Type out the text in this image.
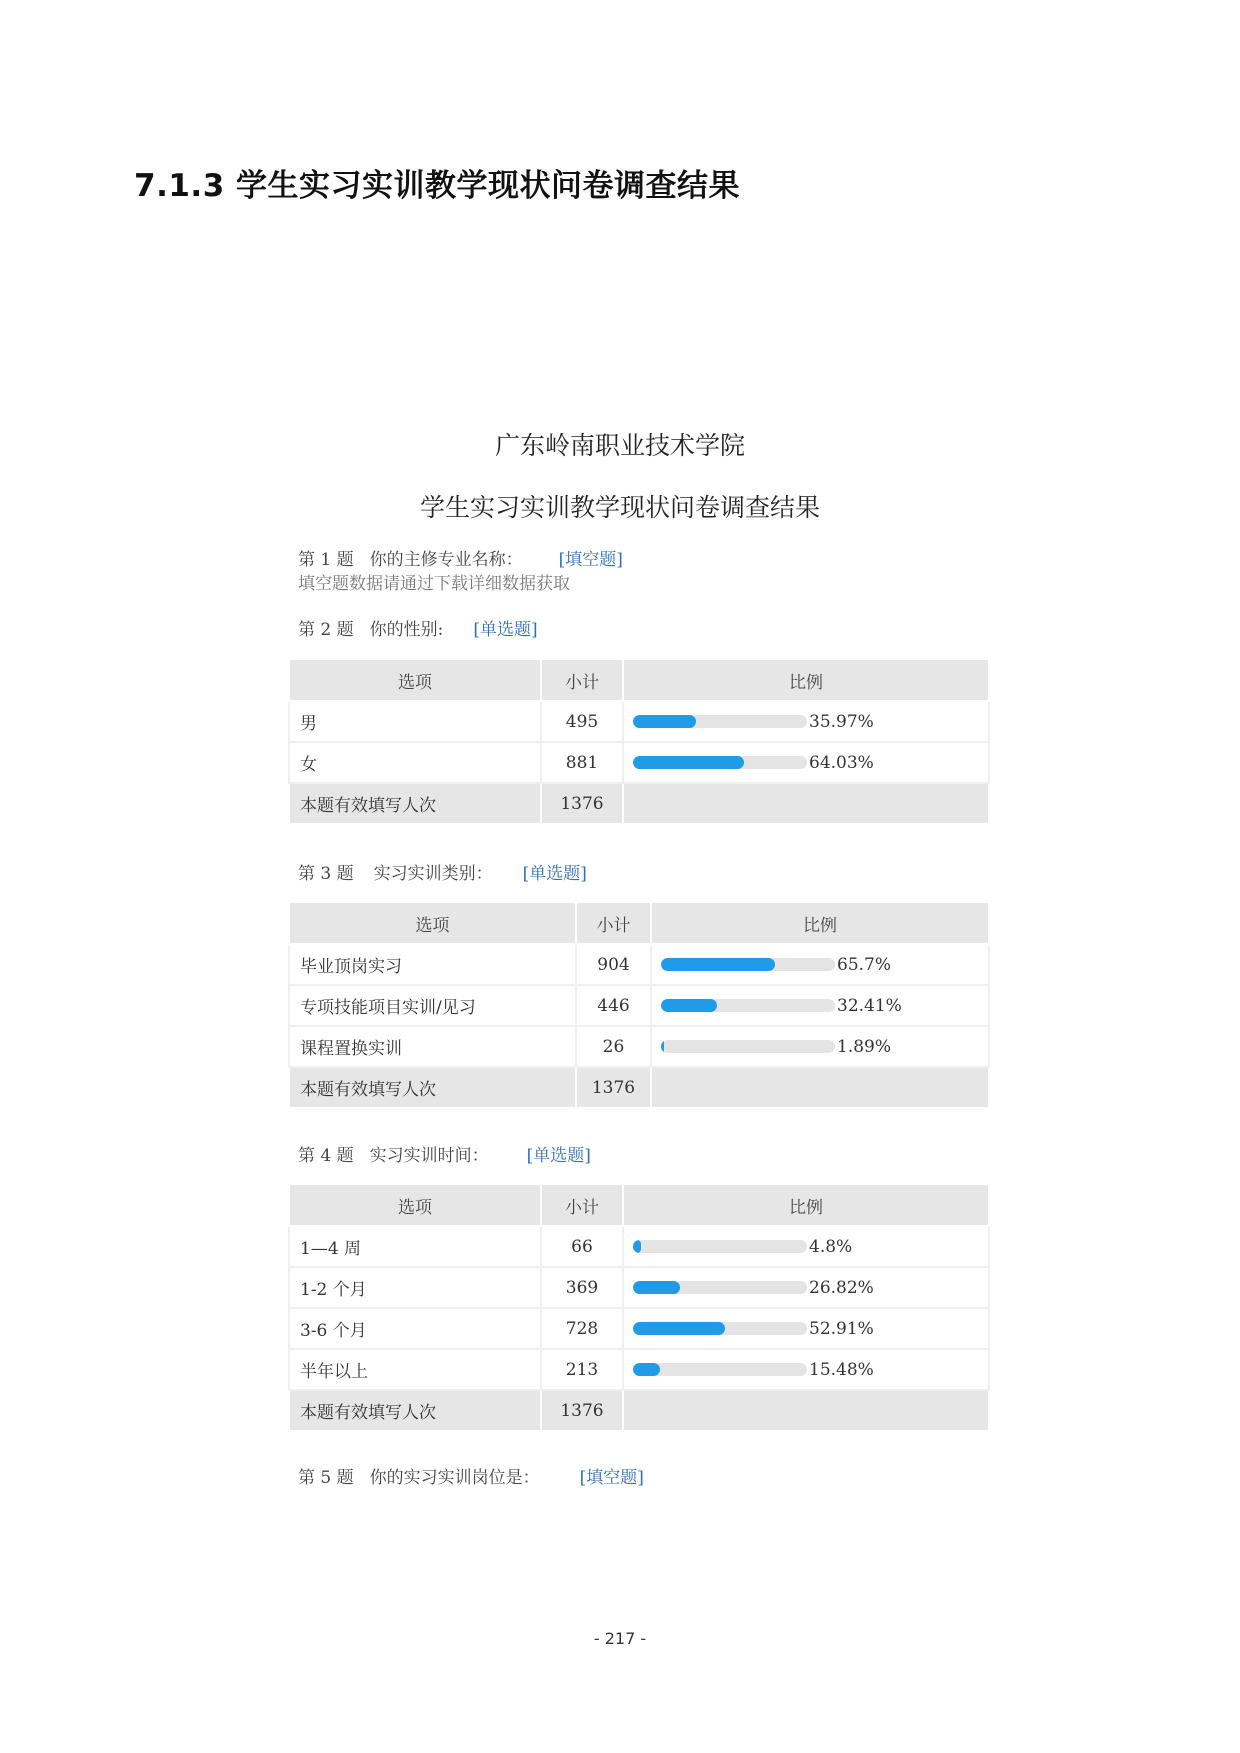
7.1.3 学生实习实训教学现状问卷调查结果
广东岭南职业技术学院
学生实习实训教学现状问卷调查结果
第 1 题 你的主修专业名称： [填空题]
填空题数据请通过下载详细数据获取
第 2 题 你的性别: [单选题]
选项	小计	比例
男	495	35.97%

女	881	64.03%

本题有效填写人次	1376	
第 3 题 实习实训类别： [单选题]
选项	小计	比例
毕业顶岗实习	904	65.7%

专项技能项目实训/见习	446	32.41%

课程置换实训	26	1.89%

本题有效填写人次	1376	
第 4 题 实习实训时间： [单选题]
选项	小计	比例
1—4 周	66	4.8%

1-2 个月	369	26.82%

3-6 个月	728	52.91%

半年以上	213	15.48%

本题有效填写人次	1376	
第 5 题 你的实习实训岗位是： [填空题]
- 217 -
